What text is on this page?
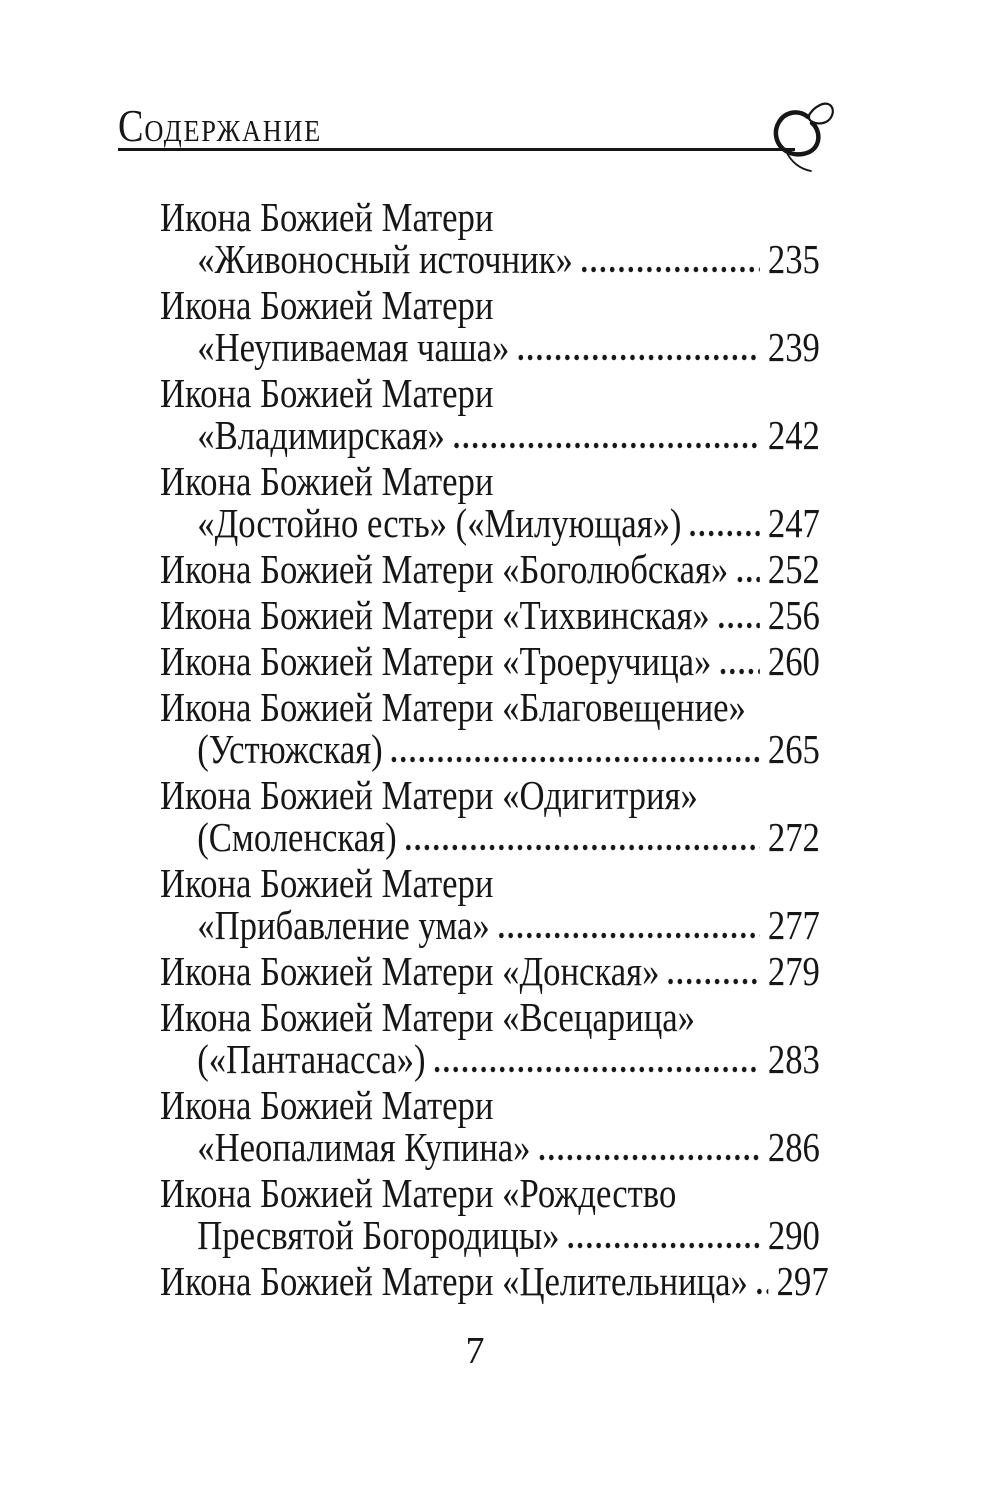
СОДЕРЖАНИЕ
Икона Божией Матери
«Живоносный источник»	235
Икона Божией Матери
«Неупиваемая чаша»	239
Икона Божией Матери
«Владимирская»	242
Икона Божией Матери
«Достойно есть» («Милующая») 247
Икона Божией Матери «Боголюбская» 252
Икона Божией Матери «Тихвинская» 256
Икона Божией Матери «Троеручица» 260
Икона Божией Матери «Благовещение»
(Устюжская)	265
Икона Божией Матери «Одигитрия»
(Смоленская)	272
Икона Божией Матери
«Прибавление ума»	277
Икона Божией Матери «Донская»	279
Икона Божией Матери «Всецарица»
(«Пантанасса»)	283
Икона Божией Матери
«Неопалимая Купина»	286
Икона Божией Матери «Рождество
Пресвятой Богородицы»	290
Икона Божией Матери «Целительница» 297
7
